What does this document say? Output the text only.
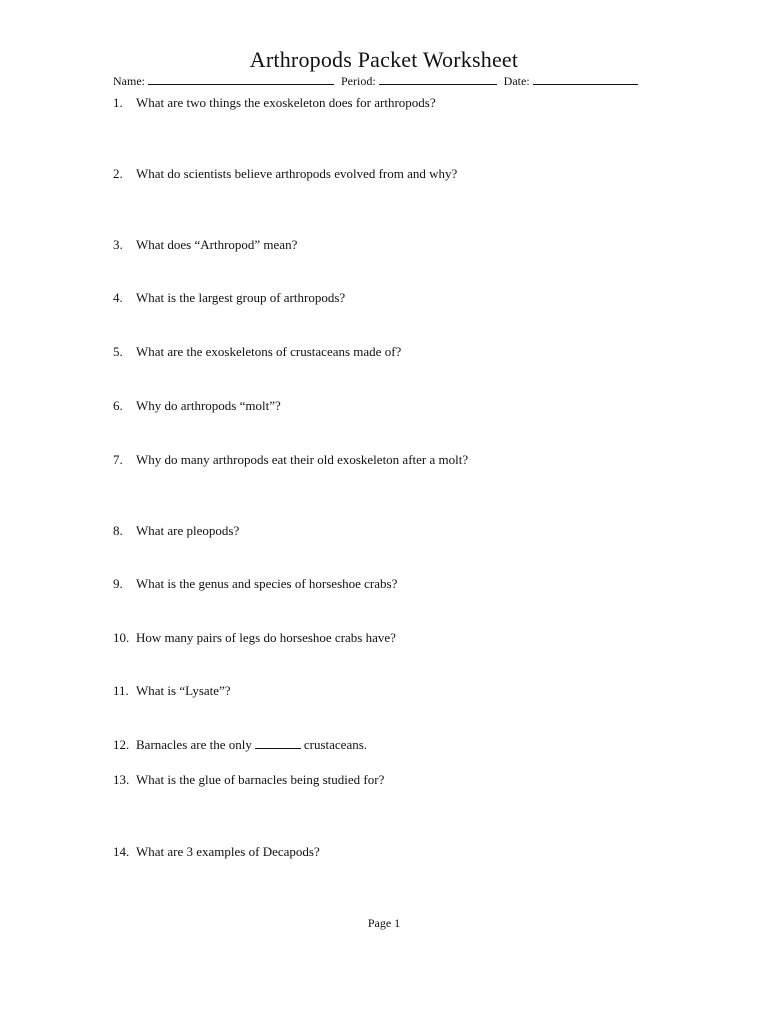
Arthropods Packet Worksheet
Name:	Period:	Date:
1. What are two things the exoskeleton does for arthropods?
2. What do scientists believe arthropods evolved from and why?
3. What does “Arthropod” mean?
4. What is the largest group of arthropods?
5. What are the exoskeletons of crustaceans made of?
6. Why do arthropods “molt”?
7. Why do many arthropods eat their old exoskeleton after a molt?
8. What are pleopods?
9. What is the genus and species of horseshoe crabs?
10. How many pairs of legs do horseshoe crabs have?
11. What is “Lysate”?
12. Barnacles are the only	crustaceans.
13. What is the glue of barnacles being studied for?
14. What are 3 examples of Decapods?
Page 1
